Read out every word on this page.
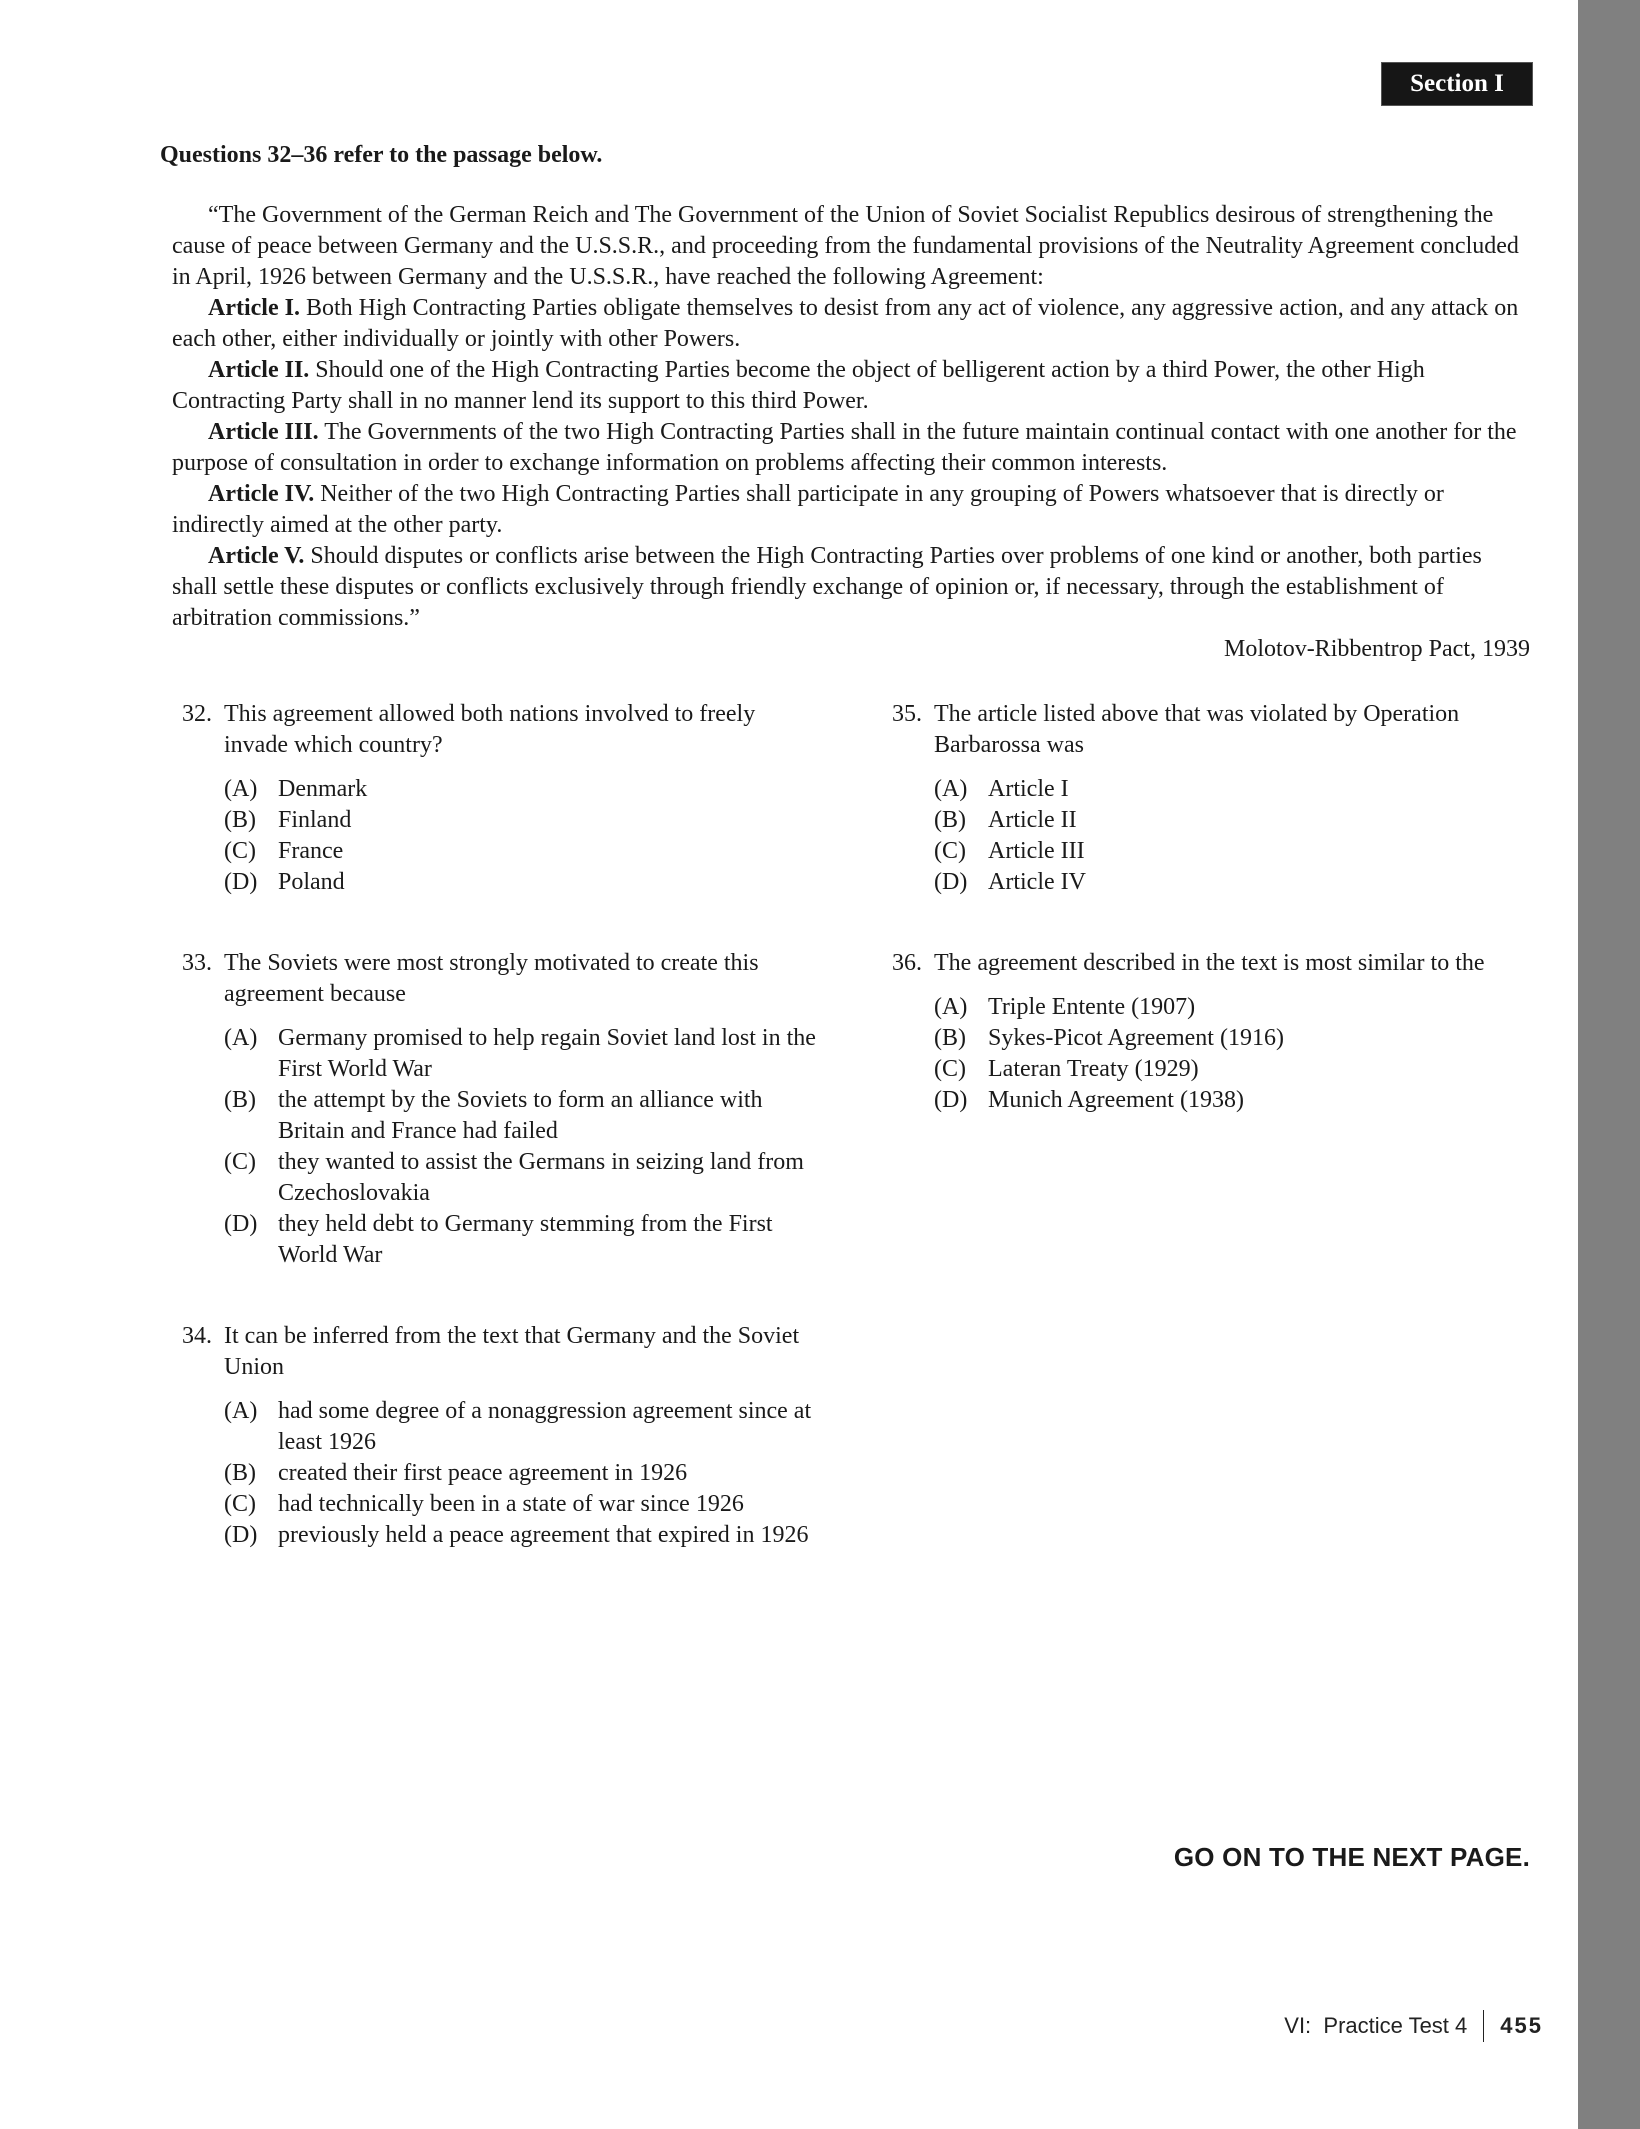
Section I
Questions 32–36 refer to the passage below.

“The Government of the German Reich and The Government of the Union of Soviet Socialist Republics desirous of strengthening the cause of peace between Germany and the U.S.S.R., and proceeding from the fundamental provisions of the Neutrality Agreement concluded in April, 1926 between Germany and the U.S.S.R., have reached the following Agreement:

Article I. Both High Contracting Parties obligate themselves to desist from any act of violence, any aggressive action, and any attack on each other, either individually or jointly with other Powers.

Article II. Should one of the High Contracting Parties become the object of belligerent action by a third Power, the other High Contracting Party shall in no manner lend its support to this third Power.

Article III. The Governments of the two High Contracting Parties shall in the future maintain continual contact with one another for the purpose of consultation in order to exchange information on problems affecting their common interests.

Article IV. Neither of the two High Contracting Parties shall participate in any grouping of Powers whatsoever that is directly or indirectly aimed at the other party.

Article V. Should disputes or conflicts arise between the High Contracting Parties over problems of one kind or another, both parties shall settle these disputes or conflicts exclusively through friendly exchange of opinion or, if necessary, through the establishment of arbitration commissions.”

Molotov-Ribbentrop Pact, 1939
32. This agreement allowed both nations involved to freely invade which country?
(A) Denmark
(B) Finland
(C) France
(D) Poland
33. The Soviets were most strongly motivated to create this agreement because
(A) Germany promised to help regain Soviet land lost in the First World War
(B) the attempt by the Soviets to form an alliance with Britain and France had failed
(C) they wanted to assist the Germans in seizing land from Czechoslovakia
(D) they held debt to Germany stemming from the First World War
34. It can be inferred from the text that Germany and the Soviet Union
(A) had some degree of a nonaggression agreement since at least 1926
(B) created their first peace agreement in 1926
(C) had technically been in a state of war since 1926
(D) previously held a peace agreement that expired in 1926
35. The article listed above that was violated by Operation Barbarossa was
(A) Article I
(B) Article II
(C) Article III
(D) Article IV
36. The agreement described in the text is most similar to the
(A) Triple Entente (1907)
(B) Sykes-Picot Agreement (1916)
(C) Lateran Treaty (1929)
(D) Munich Agreement (1938)
GO ON TO THE NEXT PAGE.
VI:  Practice Test 4 455
